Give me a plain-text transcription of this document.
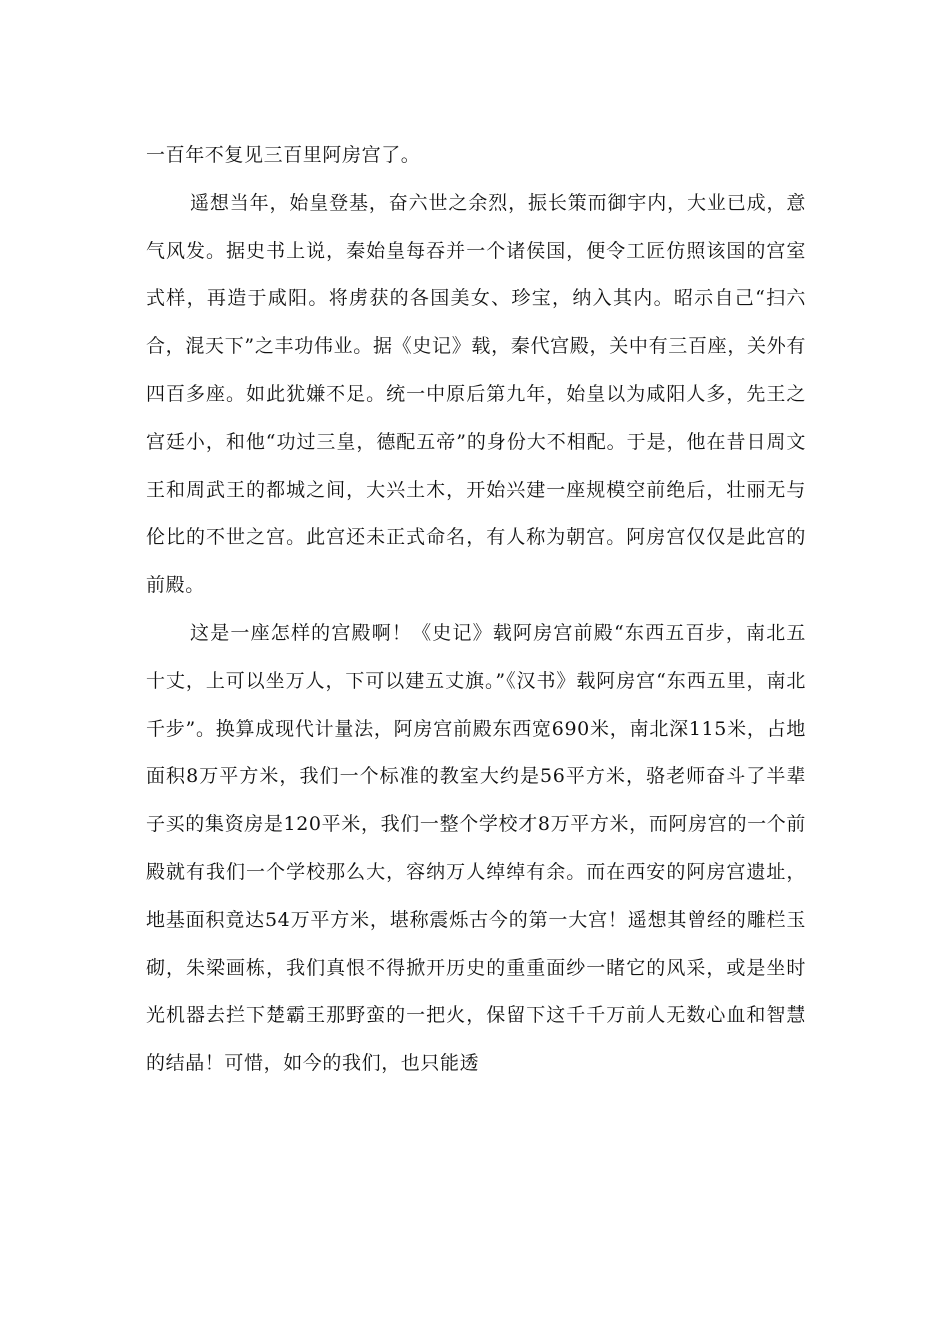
一百年不复见三百里阿房宫了。

遥想当年，始皇登基，奋六世之余烈，振长策而御宇内，大业已成，意气风发。据史书上说，秦始皇每吞并一个诸侯国，便令工匠仿照该国的宫室式样，再造于咸阳。将虏获的各国美女、珍宝，纳入其内。昭示自己“扫六合，混天下”之丰功伟业。据《史记》载，秦代宫殿，关中有三百座，关外有四百多座。如此犹嫌不足。统一中原后第九年，始皇以为咸阳人多，先王之宫廷小，和他“功过三皇，德配五帝”的身份大不相配。于是，他在昔日周文王和周武王的都城之间，大兴土木，开始兴建一座规模空前绝后，壮丽无与伦比的不世之宫。此宫还未正式命名，有人称为朝宫。阿房宫仅仅是此宫的前殿。

这是一座怎样的宫殿啊！《史记》载阿房宫前殿“东西五百步，南北五十丈，上可以坐万人，下可以建五丈旗。”《汉书》载阿房宫“东西五里，南北千步”。换算成现代计量法，阿房宫前殿东西宽690米，南北深115米，占地面积8万平方米，我们一个标准的教室大约是56平方米，骆老师奋斗了半辈子买的集资房是120平米，我们一整个学校才8万平方米，而阿房宫的一个前殿就有我们一个学校那么大，容纳万人绰绰有余。而在西安的阿房宫遗址，地基面积竟达54万平方米，堪称震烁古今的第一大宫！遥想其曾经的雕栏玉砌，朱梁画栋，我们真恨不得掀开历史的重重面纱一睹它的风采，或是坐时光机器去拦下楚霸王那野蛮的一把火，保留下这千千万前人无数心血和智慧的结晶！可惜，如今的我们，也只能透
